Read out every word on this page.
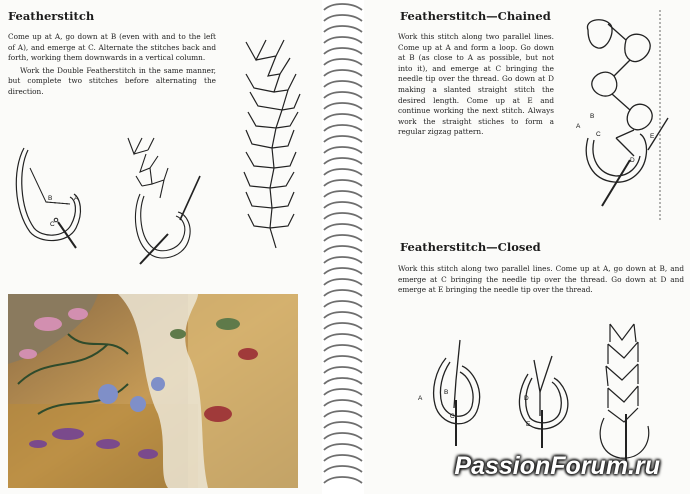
Featherstitch

Come up at A, go down at B (even with and to the left of A), and emerge at C. Alternate the stitches back and forth, working them downwards in a vertical column.

Work the Double Featherstitch in the same manner, but complete two stitches before alternating the direction.

B	A
C
Featherstitch—Chained

Work this stitch along two parallel lines. Come up at A and form a loop. Go down at B (as close to A as possible, but not into it), and emerge at C bringing the needle tip over the thread. Go down at D making a slanted straight stitch the desired length. Come up at E and continue working the next stitch. Always work the straight stiches to form a regular zigzag pattern.

A
B
C	E
D
Featherstitch—Closed

Work this stitch along two parallel lines. Come up at A, go down at B, and emerge at C bringing the needle tip over the thread. Go down at D and emerge at E bringing the needle tip over the thread.

B
A
C
D
E
PassionForum.ru
